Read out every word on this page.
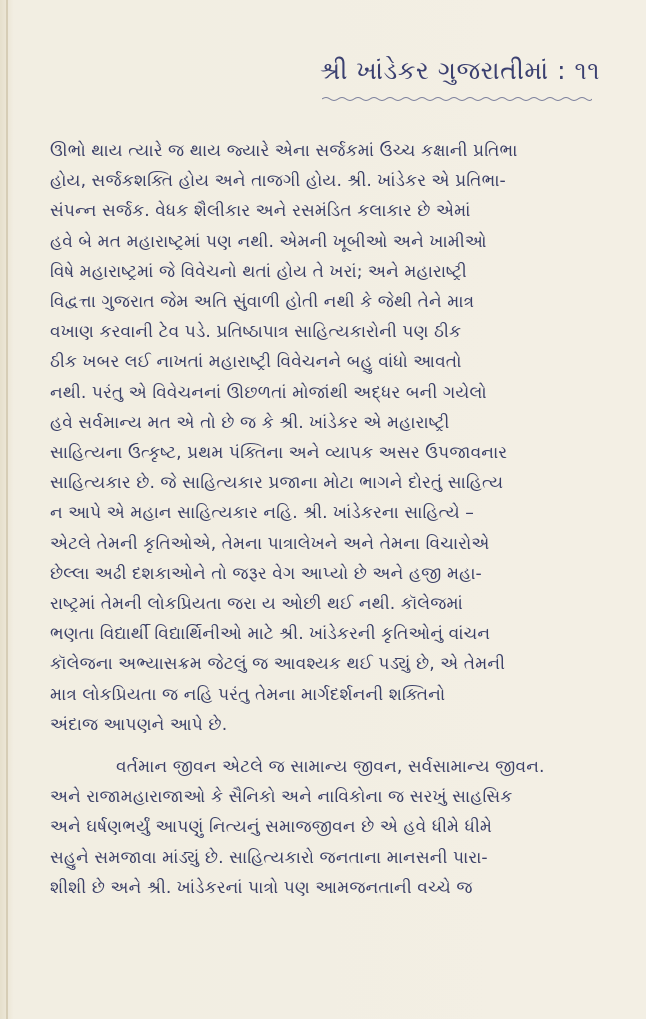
શ્રી ખાંડેકર ગુજરાતીમાં : ૧૧

ઊભો થાય ત્યારે જ થાય જ્યારે એના સર્જકમાં ઉચ્ચ કક્ષાની પ્રતિભા
હોય, સર્જકશક્તિ હોય અને તાજગી હોય. શ્રી. ખાંડેકર એ પ્રતિભા-
સંપન્ન સર્જક. વેધક શૈલીકાર અને રસમંડિત કલાકાર છે એમાં
હવે બે મત મહારાષ્ટ્રમાં પણ નથી. એમની ખૂબીઓ અને ખામીઓ
વિષે મહારાષ્ટ્રમાં જે વિવેચનો થતાં હોય તે ખરાં; અને મહારાષ્ટ્રી
વિદ્વત્તા ગુજરાત જેમ અતિ સુંવાળી હોતી નથી કે જેથી તેને માત્ર
વખાણ કરવાની ટેવ પડે. પ્રતિષ્ઠાપાત્ર સાહિત્યકારોની પણ ઠીક
ઠીક ખબર લઈ નાખતાં મહારાષ્ટ્રી વિવેચનને બહુ વાંધો આવતો
નથી. પરંતુ એ વિવેચનનાં ઊછળતાં મોજાંથી અદ્ધર બની ગયેલો
હવે સર્વમાન્ય મત એ તો છે જ કે શ્રી. ખાંડેકર એ મહારાષ્ટ્રી
સાહિત્યના ઉત્કૃષ્ટ, પ્રથમ પંક્તિના અને વ્યાપક અસર ઉપજાવનાર
સાહિત્યકાર છે. જે સાહિત્યકાર પ્રજાના મોટા ભાગને દોરતું સાહિત્ય
ન આપે એ મહાન સાહિત્યકાર નહિ. શ્રી. ખાંડેકરના સાહિત્યે –
એટલે તેમની કૃતિઓએ, તેમના પાત્રાલેખને અને તેમના વિચારોએ
છેલ્લા અઢી દશકાઓને તો જરૂર વેગ આપ્યો છે અને હજી મહા-
રાષ્ટ્રમાં તેમની લોકપ્રિયતા જરા ય ઓછી થઈ નથી. કૉલેજમાં
ભણતા વિદ્યાર્થી વિદ્યાર્થિનીઓ માટે શ્રી. ખાંડેકરની કૃતિઓનું વાંચન
કૉલેજના અભ્યાસક્રમ જેટલું જ આવશ્યક થઈ પડ્યું છે, એ તેમની
માત્ર લોકપ્રિયતા જ નહિ પરંતુ તેમના માર્ગદર્શનની શક્તિનો
અંદાજ આપણને આપે છે.

વર્તમાન જીવન એટલે જ સામાન્ય જીવન, સર્વસામાન્ય જીવન.
અને રાજામહારાજાઓ કે સૈનિકો અને નાવિકોના જ સરખું સાહસિક
અને ઘર્ષણભર્યું આપણું નિત્યનું સમાજજીવન છે એ હવે ધીમે ધીમે
સહુને સમજાવા માંડ્યું છે. સાહિત્યકારો જનતાના માનસની પારા-
શીશી છે અને શ્રી. ખાંડેકરનાં પાત્રો પણ આમજનતાની વચ્ચે જ
